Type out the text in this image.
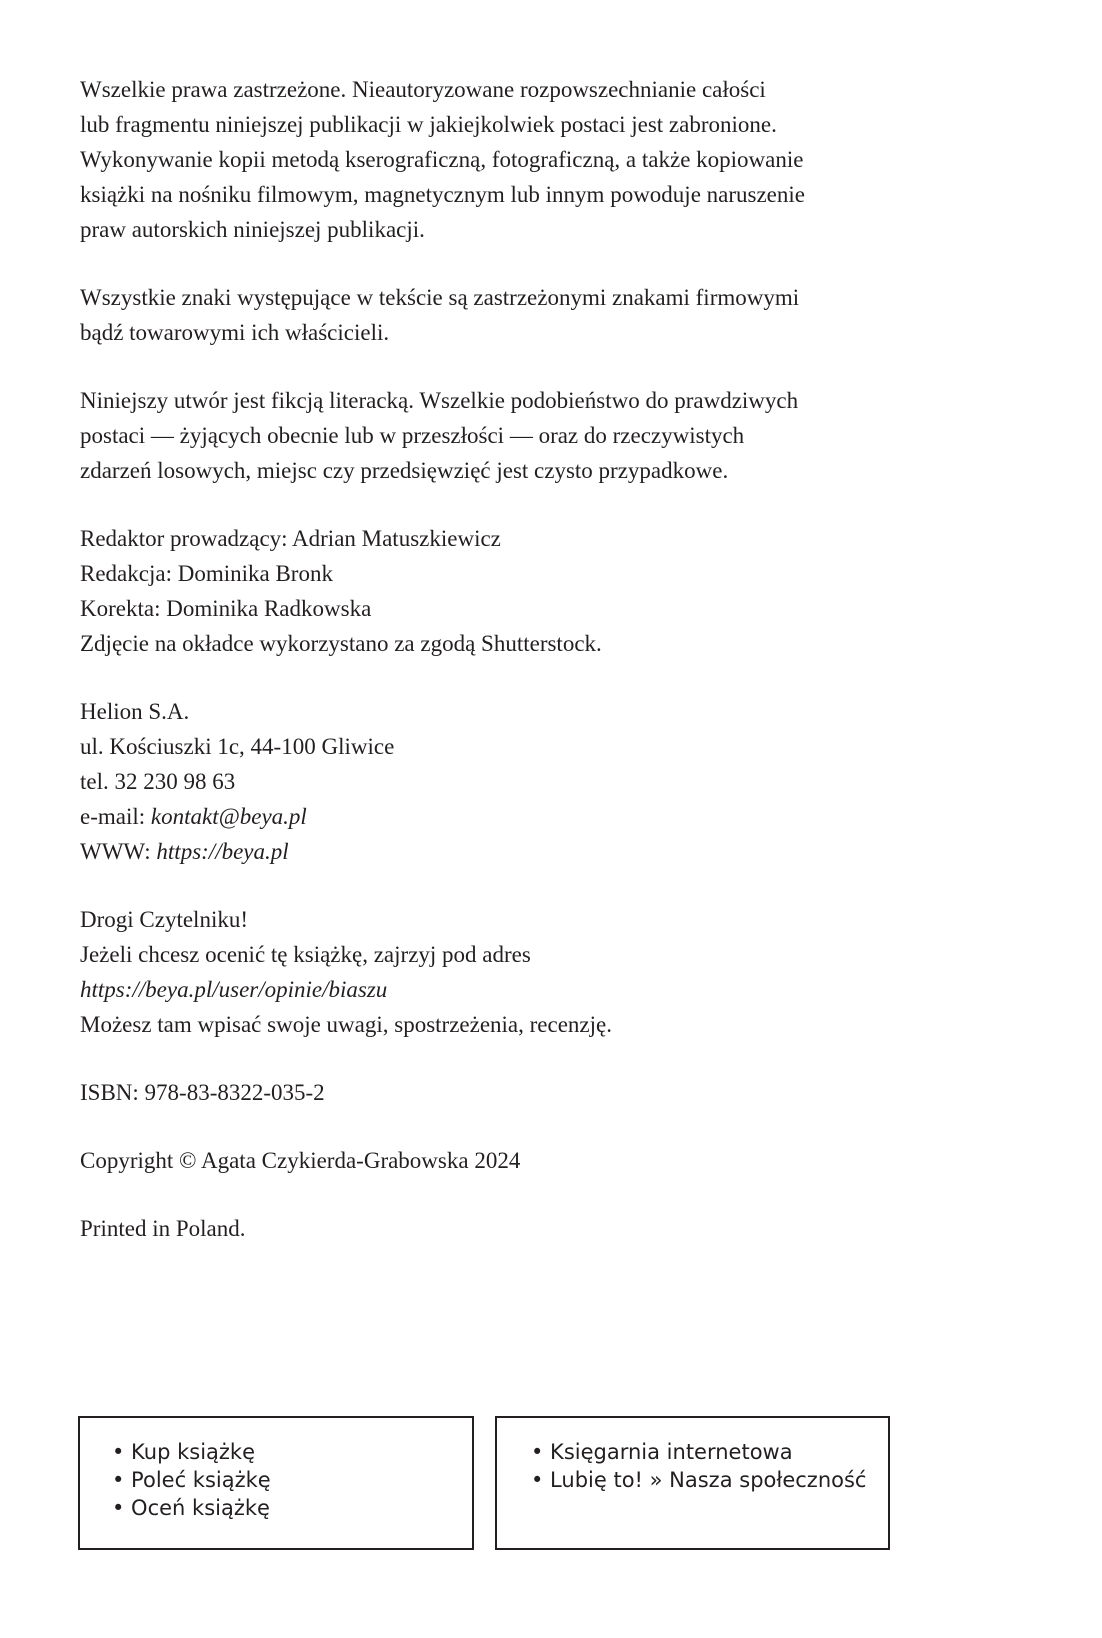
Wszelkie prawa zastrzeżone. Nieautoryzowane rozpowszechnianie całości
lub fragmentu niniejszej publikacji w jakiejkolwiek postaci jest zabronione.
Wykonywanie kopii metodą kserograficzną, fotograficzną, a także kopiowanie
książki na nośniku filmowym, magnetycznym lub innym powoduje naruszenie
praw autorskich niniejszej publikacji.

Wszystkie znaki występujące w tekście są zastrzeżonymi znakami firmowymi
bądź towarowymi ich właścicieli.

Niniejszy utwór jest fikcją literacką. Wszelkie podobieństwo do prawdziwych
postaci — żyjących obecnie lub w przeszłości — oraz do rzeczywistych
zdarzeń losowych, miejsc czy przedsięwzięć jest czysto przypadkowe.

Redaktor prowadzący: Adrian Matuszkiewicz
Redakcja: Dominika Bronk
Korekta: Dominika Radkowska
Zdjęcie na okładce wykorzystano za zgodą Shutterstock.

Helion S.A.
ul. Kościuszki 1c, 44-100 Gliwice
tel. 32 230 98 63
e-mail: kontakt@beya.pl
WWW: https://beya.pl

Drogi Czytelniku!
Jeżeli chcesz ocenić tę książkę, zajrzyj pod adres
https://beya.pl/user/opinie/biaszu
Możesz tam wpisać swoje uwagi, spostrzeżenia, recenzję.

ISBN: 978-83-8322-035-2

Copyright © Agata Czykierda-Grabowska 2024

Printed in Poland.

• Kup książkę
• Poleć książkę
• Oceń książkę
• Księgarnia internetowa
• Lubię to! » Nasza społeczność
